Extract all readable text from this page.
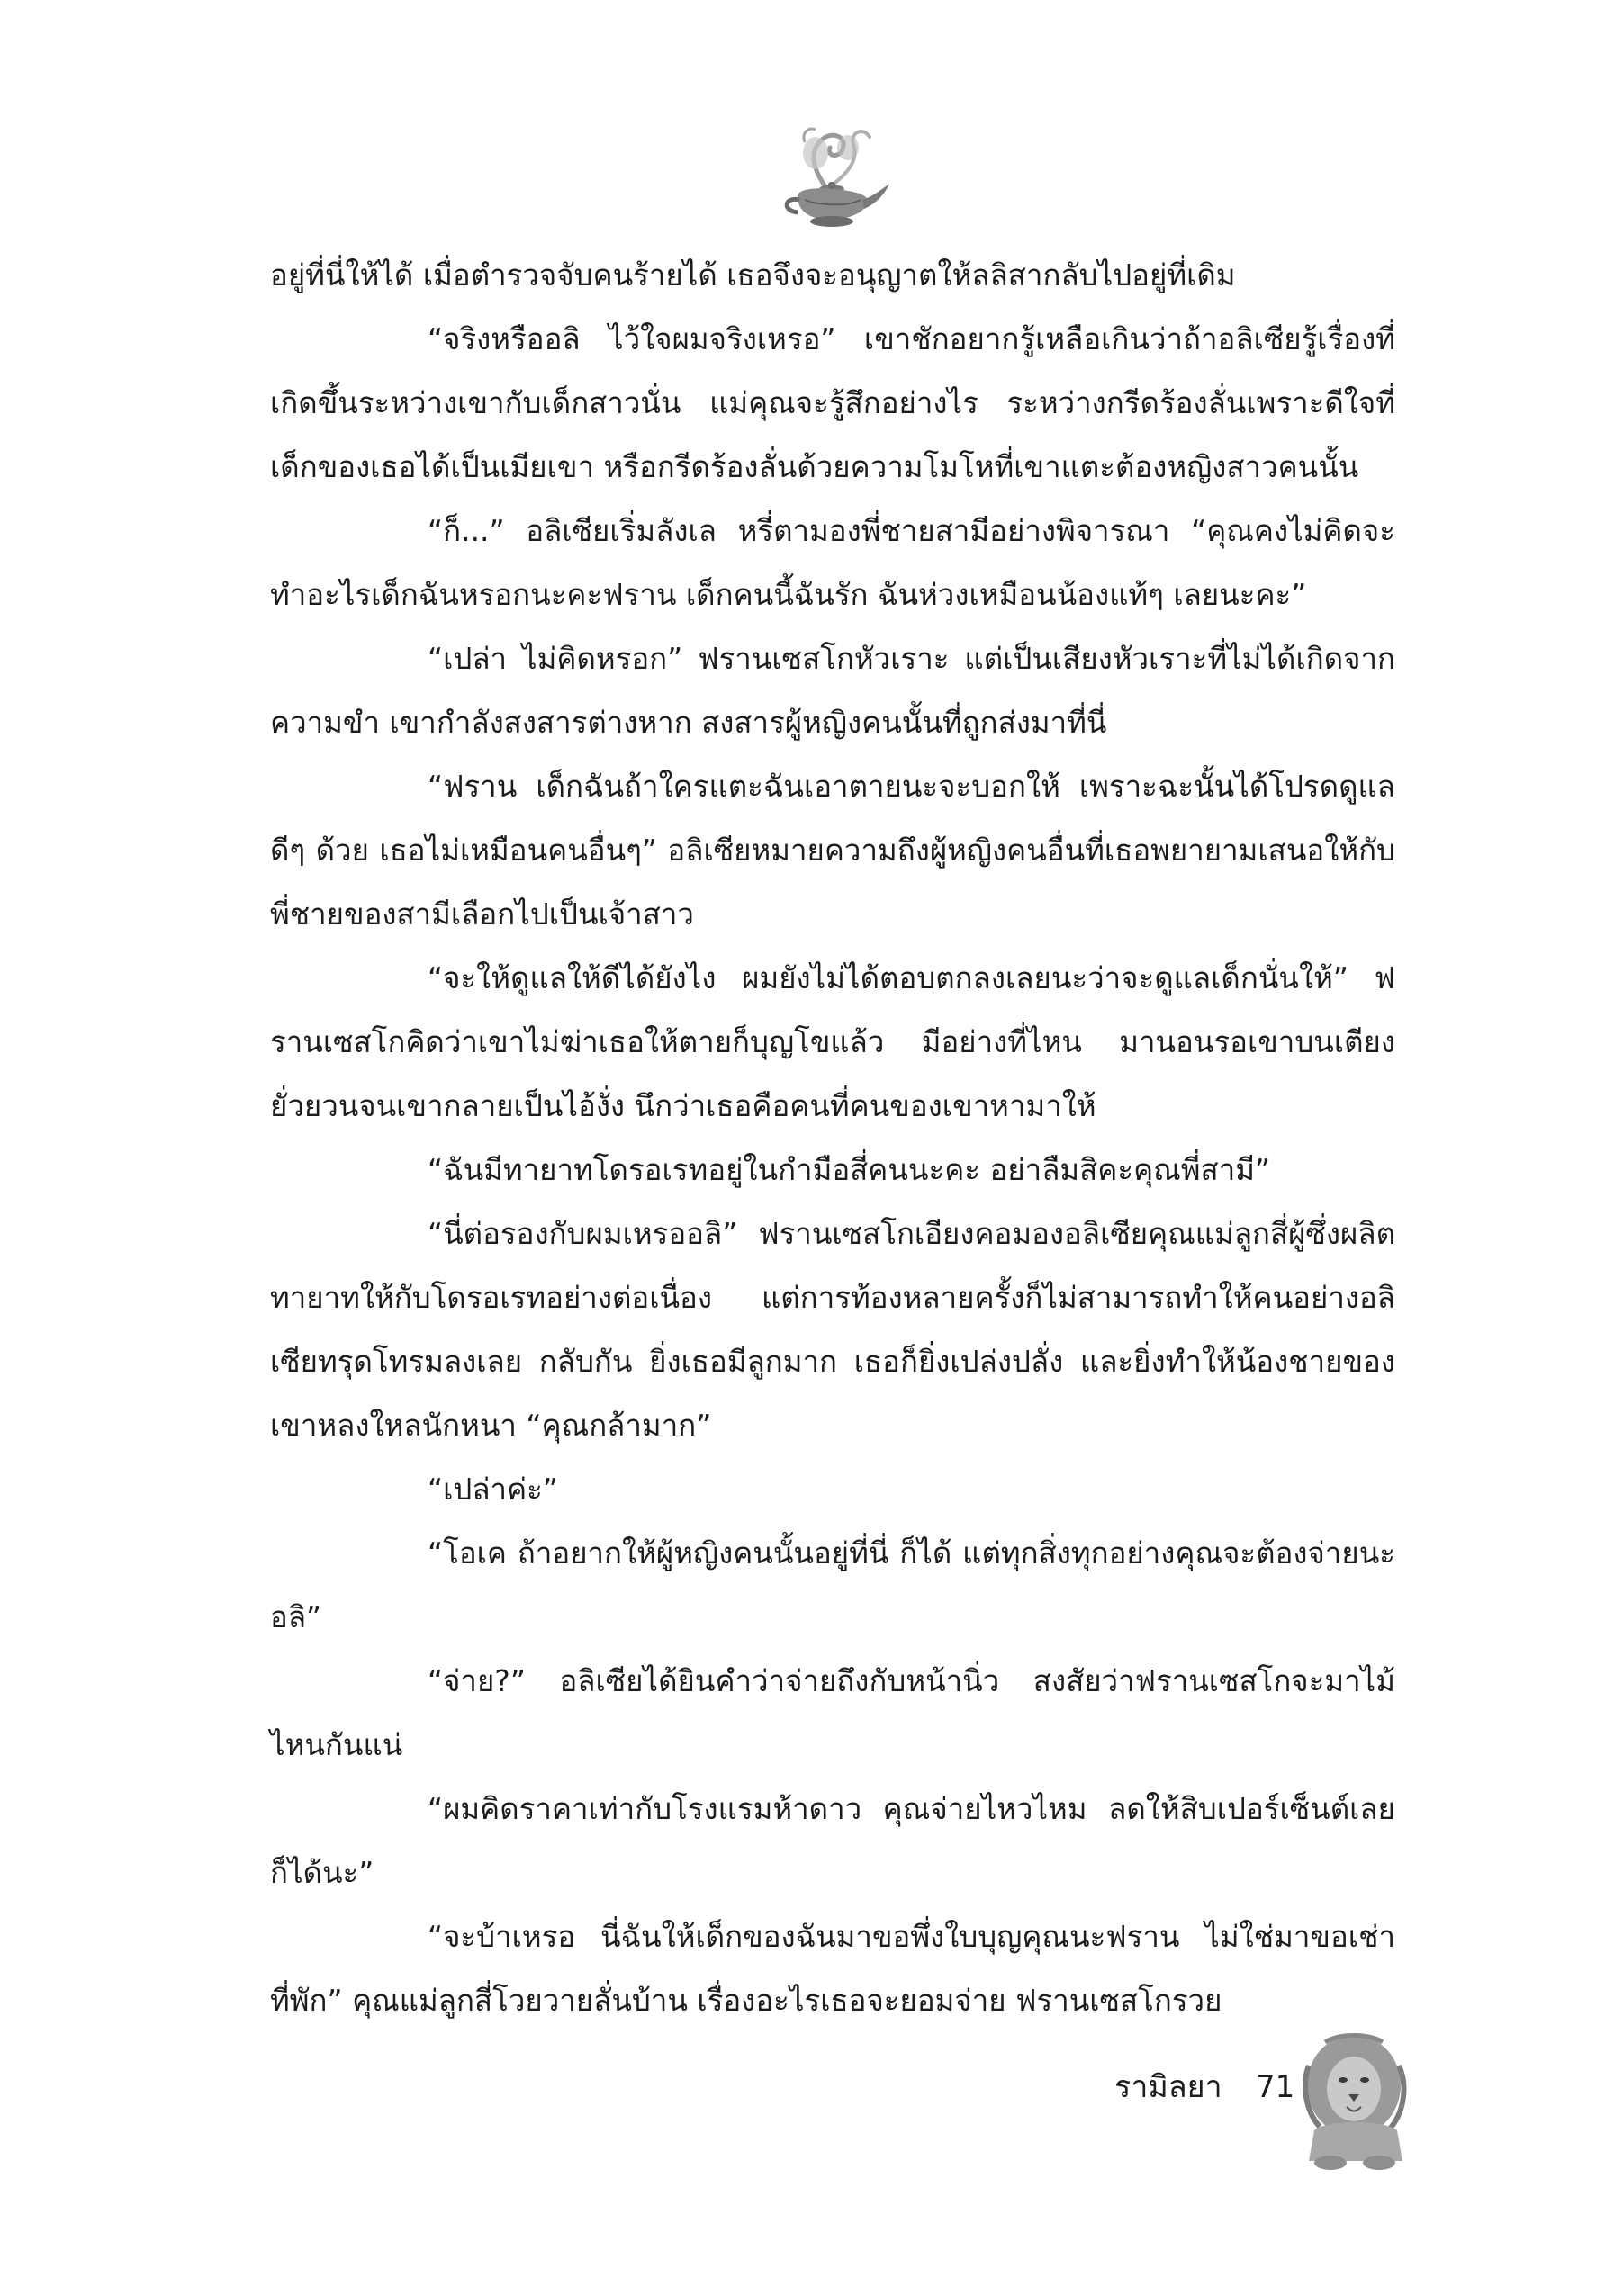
อยู่ที่นี่ให้ได้ เมื่อตำรวจจับคนร้ายได้ เธอจึงจะอนุญาตให้ลลิสากลับไปอยู่ที่เดิม

“จริงหรืออลิ ไว้ใจผมจริงเหรอ” เขาชักอยากรู้เหลือเกินว่าถ้าอลิเซียรู้เรื่องที่เกิดขึ้นระหว่างเขากับเด็กสาวนั่น แม่คุณจะรู้สึกอย่างไร ระหว่างกรีดร้องลั่นเพราะดีใจที่เด็กของเธอได้เป็นเมียเขา หรือกรีดร้องลั่นด้วยความโมโหที่เขาแตะต้องหญิงสาวคนนั้น

“ก็...” อลิเซียเริ่มลังเล หรี่ตามองพี่ชายสามีอย่างพิจารณา “คุณคงไม่คิดจะทำอะไรเด็กฉันหรอกนะคะฟราน เด็กคนนี้ฉันรัก ฉันห่วงเหมือนน้องแท้ๆ เลยนะคะ”

“เปล่า ไม่คิดหรอก” ฟรานเซสโกหัวเราะ แต่เป็นเสียงหัวเราะที่ไม่ได้เกิดจากความขำ เขากำลังสงสารต่างหาก สงสารผู้หญิงคนนั้นที่ถูกส่งมาที่นี่

“ฟราน เด็กฉันถ้าใครแตะฉันเอาตายนะจะบอกให้ เพราะฉะนั้นได้โปรดดูแลดีๆ ด้วย เธอไม่เหมือนคนอื่นๆ” อลิเซียหมายความถึงผู้หญิงคนอื่นที่เธอพยายามเสนอให้กับพี่ชายของสามีเลือกไปเป็นเจ้าสาว

“จะให้ดูแลให้ดีได้ยังไง ผมยังไม่ได้ตอบตกลงเลยนะว่าจะดูแลเด็กนั่นให้” ฟรานเซสโกคิดว่าเขาไม่ฆ่าเธอให้ตายก็บุญโขแล้ว มีอย่างที่ไหน มานอนรอเขาบนเตียง ยั่วยวนจนเขากลายเป็นไอ้งั่ง นึกว่าเธอคือคนที่คนของเขาหามาให้

“ฉันมีทายาทโดรอเรทอยู่ในกำมือสี่คนนะคะ อย่าลืมสิคะคุณพี่สามี”

“นี่ต่อรองกับผมเหรออลิ” ฟรานเซสโกเอียงคอมองอลิเซียคุณแม่ลูกสี่ผู้ซึ่งผลิตทายาทให้กับโดรอเรทอย่างต่อเนื่อง แต่การท้องหลายครั้งก็ไม่สามารถทำให้คนอย่างอลิเซียทรุดโทรมลงเลย กลับกัน ยิ่งเธอมีลูกมาก เธอก็ยิ่งเปล่งปลั่ง และยิ่งทำให้น้องชายของเขาหลงใหลนักหนา “คุณกล้ามาก”

“เปล่าค่ะ”

“โอเค ถ้าอยากให้ผู้หญิงคนนั้นอยู่ที่นี่ ก็ได้ แต่ทุกสิ่งทุกอย่างคุณจะต้องจ่ายนะอลิ”

“จ่าย?” อลิเซียได้ยินคำว่าจ่ายถึงกับหน้านิ่ว สงสัยว่าฟรานเซสโกจะมาไม้ไหนกันแน่

“ผมคิดราคาเท่ากับโรงแรมห้าดาว คุณจ่ายไหวไหม ลดให้สิบเปอร์เซ็นต์เลยก็ได้นะ”

“จะบ้าเหรอ นี่ฉันให้เด็กของฉันมาขอพึ่งใบบุญคุณนะฟราน ไม่ใช่มาขอเช่าที่พัก” คุณแม่ลูกสี่โวยวายลั่นบ้าน เรื่องอะไรเธอจะยอมจ่าย ฟรานเซสโกรวย

รามิลยา 71
